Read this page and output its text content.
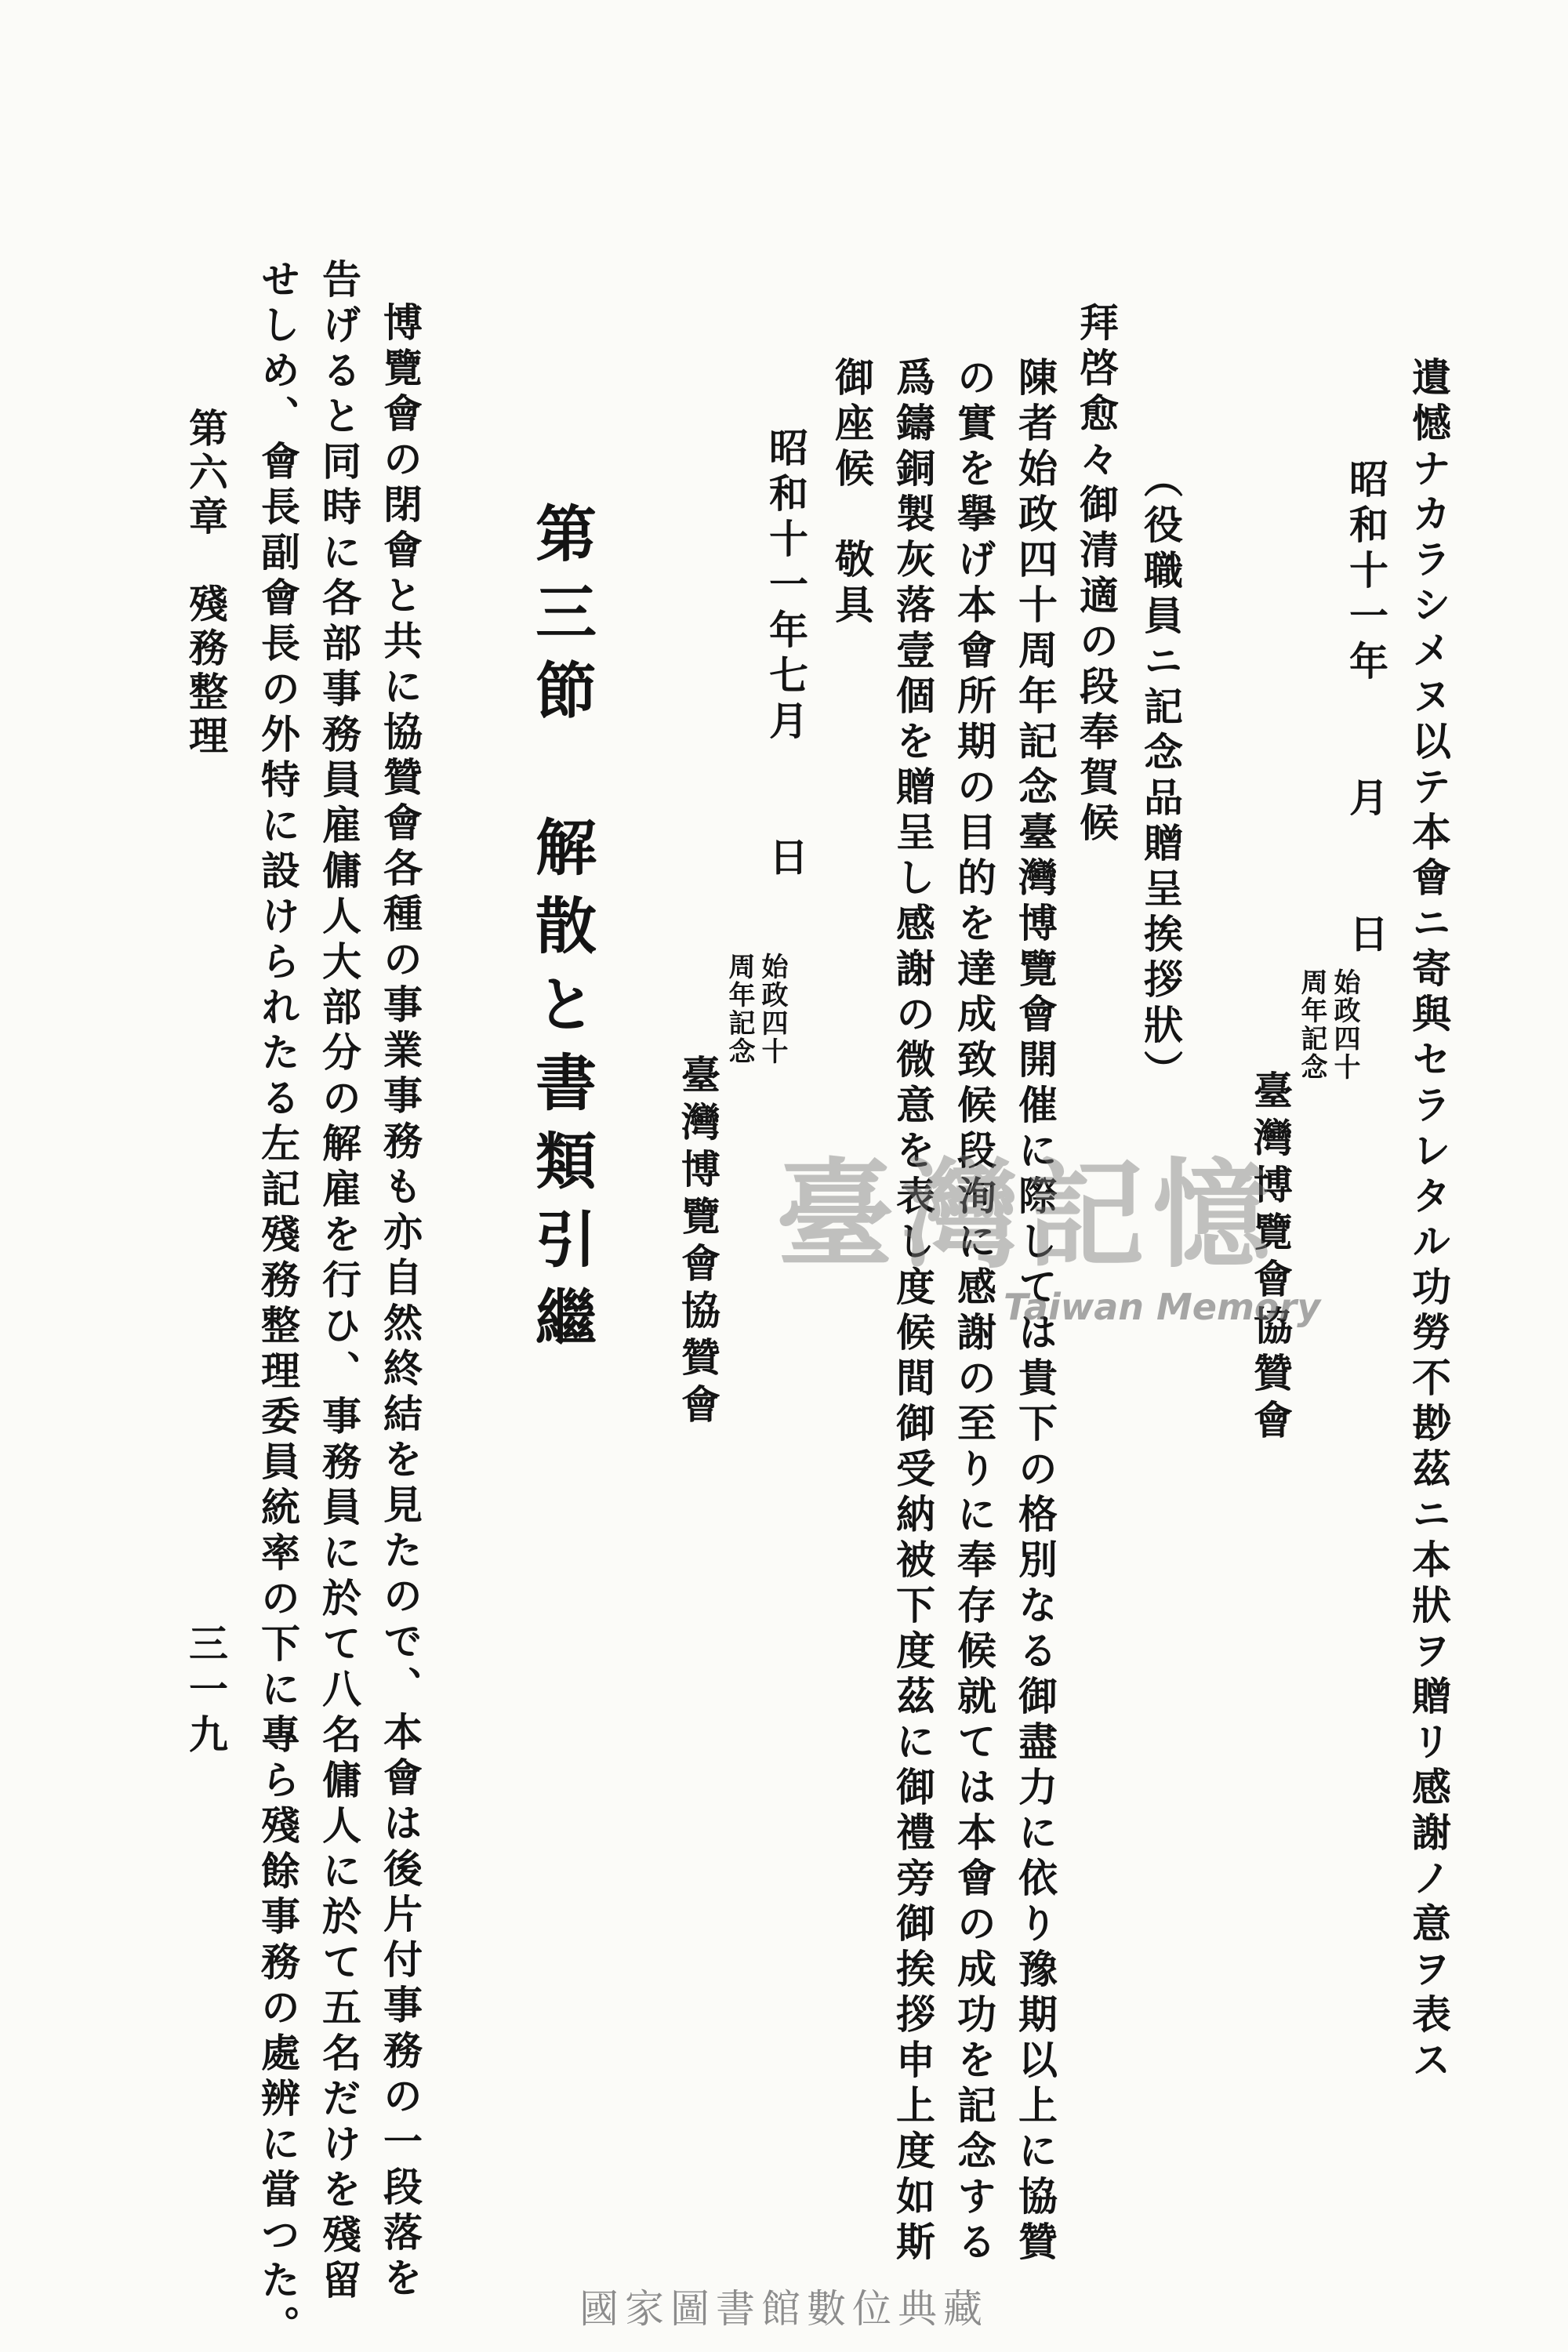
遺憾ナカラシメヌ以テ本會ニ寄與セラレタル功勞不尠茲ニ本狀ヲ贈リ感謝ノ意ヲ表ス
昭和十一年　　月　　日
始政四十
周年記念
臺灣博覽會協贊會
（役職員ニ記念品贈呈挨拶狀）
拜啓愈々御清適の段奉賀候
陳者始政四十周年記念臺灣博覽會開催に際しては貴下の格別なる御盡力に依り豫期以上に協贊
の實を擧げ本會所期の目的を達成致候段洵に感謝の至りに奉存候就ては本會の成功を記念する
爲鑄銅製灰落壹個を贈呈し感謝の微意を表し度候間御受納被下度茲に御禮旁御挨拶申上度如斯
御座候　敬具
昭和十一年七月　　日
始政四十
周年記念
臺灣博覽會協贊會
第三節　解散と書類引繼
博覽會の閉會と共に協贊會各種の事業事務も亦自然終結を見たので、本會は後片付事務の一段落を
告げると同時に各部事務員雇傭人大部分の解雇を行ひ、事務員に於て八名傭人に於て五名だけを殘留
せしめ、會長副會長の外特に設けられたる左記殘務整理委員統率の下に專ら殘餘事務の處辨に當つた。
第六章　殘務整理
三一九
臺灣記憶
Taiwan Memory
國家圖書館數位典藏
